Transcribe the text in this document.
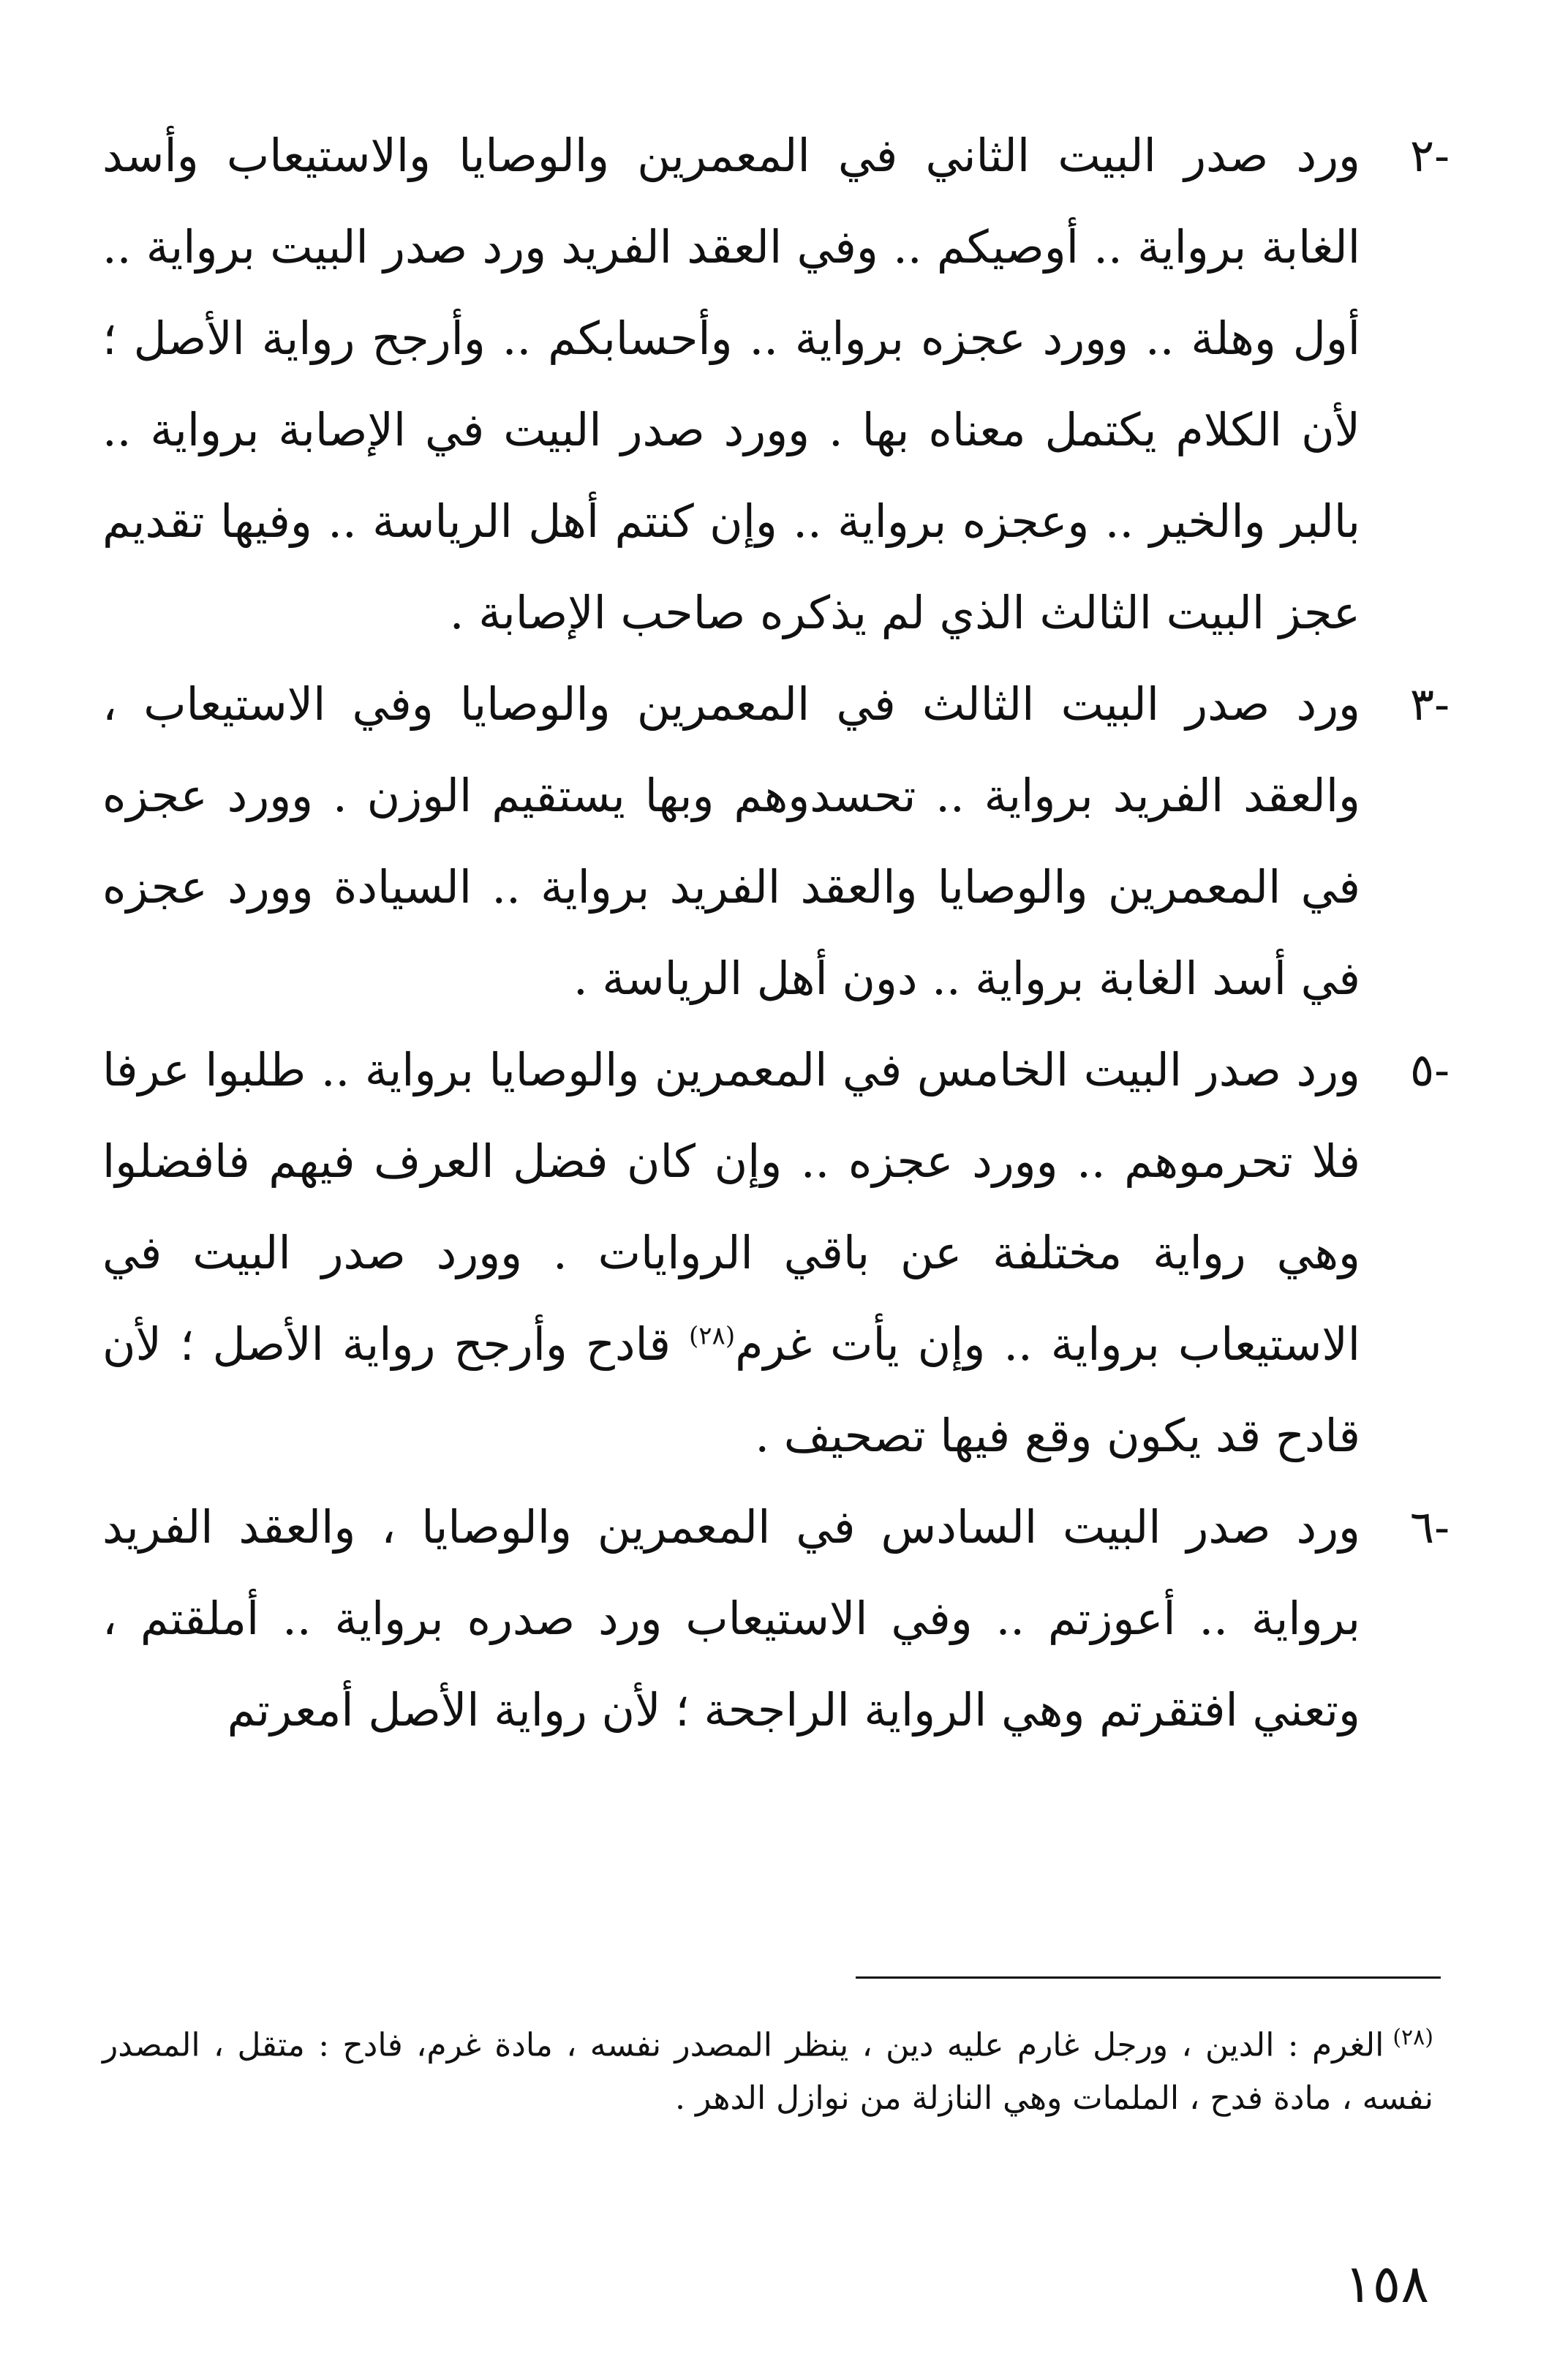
-٢
ورد صدر البيت الثاني في المعمرين والوصايا والاستيعاب وأسد الغابة برواية .. أوصيكم .. وفي العقد الفريد ورد صدر البيت برواية .. أول وهلة .. وورد عجزه برواية .. وأحسابكم .. وأرجح رواية الأصل ؛ لأن الكلام يكتمل معناه بها . وورد صدر البيت في الإصابة برواية .. بالبر والخير .. وعجزه برواية .. وإن كنتم أهل الرياسة .. وفيها تقديم عجز البيت الثالث الذي لم يذكره صاحب الإصابة .

-٣
ورد صدر البيت الثالث في المعمرين والوصايا وفي الاستيعاب ، والعقد الفريد برواية .. تحسدوهم وبها يستقيم الوزن . وورد عجزه في المعمرين والوصايا والعقد الفريد برواية .. السيادة وورد عجزه في أسد الغابة برواية .. دون أهل الرياسة .

-٥
ورد صدر البيت الخامس في المعمرين والوصايا برواية .. طلبوا عرفا فلا تحرموهم .. وورد عجزه .. وإن كان فضل العرف فيهم فافضلوا وهي رواية مختلفة عن باقي الروايات . وورد صدر البيت في الاستيعاب برواية .. وإن يأت غرم$^{(٢٨)}$ قادح وأرجح رواية الأصل ؛ لأن قادح قد يكون وقع فيها تصحيف .

-٦
ورد صدر البيت السادس في المعمرين والوصايا ، والعقد الفريد برواية .. أعوزتم .. وفي الاستيعاب ورد صدره برواية .. أملقتم ، وتعني افتقرتم وهي الرواية الراجحة ؛ لأن رواية الأصل أمعرتم

$^{(٢٨)}$الغرم : الدين ، ورجل غارم عليه دين ، ينظر المصدر نفسه ، مادة غرم، فادح : متقل ، المصدر نفسه ، مادة فدح ، الملمات وهي النازلة من نوازل الدهر .

١٥٨
